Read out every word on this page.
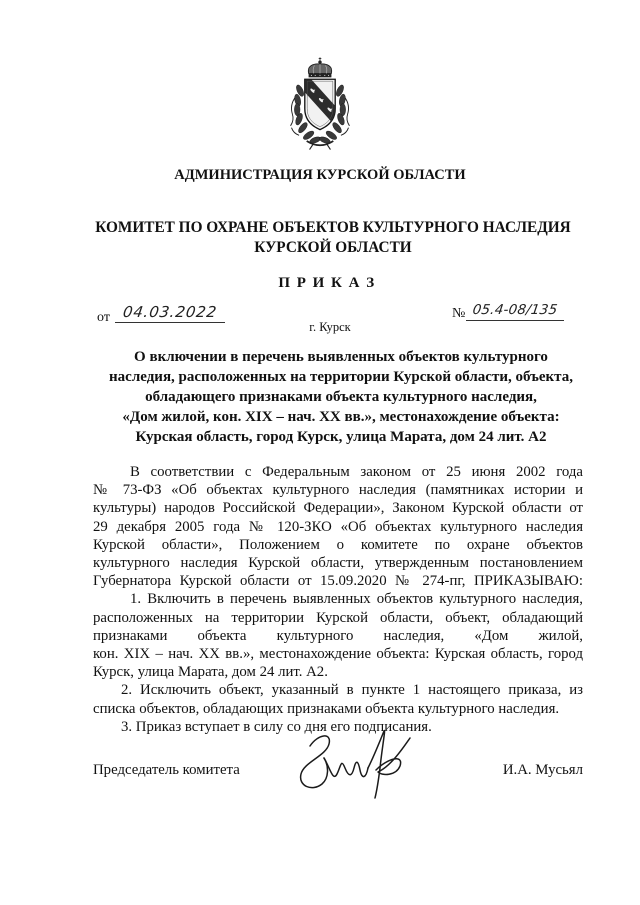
АДМИНИСТРАЦИЯ КУРСКОЙ ОБЛАСТИ
КОМИТЕТ ПО ОХРАНЕ ОБЪЕКТОВ КУЛЬТУРНОГО НАСЛЕДИЯ
КУРСКОЙ ОБЛАСТИ
П Р И К А З
от 04.03.2022	№ 05.4-08/135
г. Курск
О включении в перечень выявленных объектов культурного
наследия, расположенных на территории Курской области, объекта,
обладающего признаками объекта культурного наследия,
«Дом жилой, кон. XIX – нач. XX вв.», местонахождение объекта:
Курская область, город Курск, улица Марата, дом 24 лит. А2
В соответствии с Федеральным законом от 25 июня 2002 года
№ 73-ФЗ «Об объектах культурного наследия (памятниках истории и
культуры) народов Российской Федерации», Законом Курской области от
29 декабря 2005 года № 120-ЗКО «Об объектах культурного наследия
Курской области», Положением о комитете по охране объектов
культурного наследия Курской области, утвержденным постановлением
Губернатора Курской области от 15.09.2020 № 274-пг, ПРИКАЗЫВАЮ:
1. Включить в перечень выявленных объектов культурного наследия,
расположенных на территории Курской области, объект, обладающий
признаками объекта культурного наследия, «Дом жилой,
кон. XIX – нач. XX вв.», местонахождение объекта: Курская область, город
Курск, улица Марата, дом 24 лит. А2.
2. Исключить объект, указанный в пункте 1 настоящего приказа, из
списка объектов, обладающих признаками объекта культурного наследия.
3. Приказ вступает в силу со дня его подписания.
Председатель комитета	И.А. Мусьял
